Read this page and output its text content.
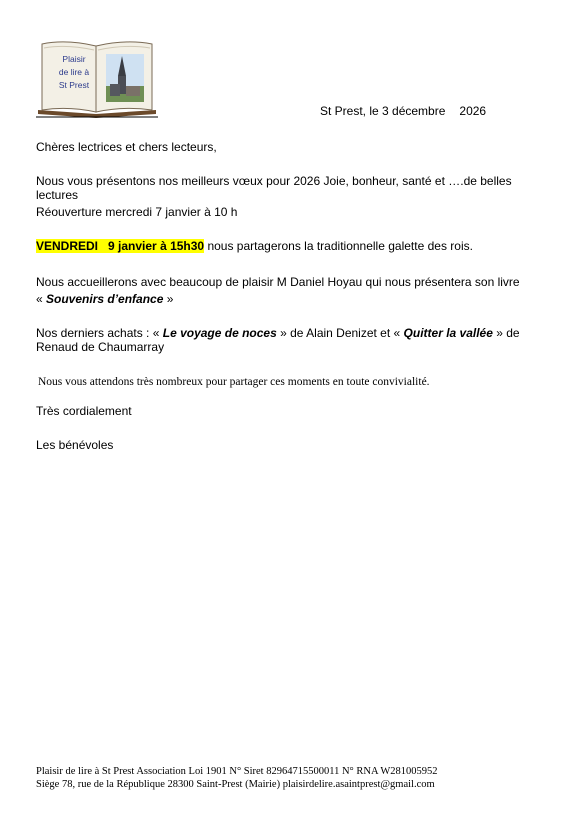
Plaisir
de lire à
St Prest
St Prest, le 3 décembre 2026
Chères lectrices et chers lecteurs,
Nous vous présentons nos meilleurs vœux pour 2026 Joie, bonheur, santé et ….de belles lectures
Réouverture mercredi 7 janvier à 10 h
VENDREDI 9 janvier à 15h30 nous partagerons la traditionnelle galette des rois.
Nous accueillerons avec beaucoup de plaisir M Daniel Hoyau qui nous présentera son livre
« Souvenirs d’enfance »
Nos derniers achats : « Le voyage de noces » de Alain Denizet et « Quitter la vallée » de
Renaud de Chaumarray
Nous vous attendons très nombreux pour partager ces moments en toute convivialité.
Très cordialement
Les bénévoles
Plaisir de lire à St Prest Association Loi 1901 N° Siret 82964715500011 N° RNA W281005952
Siège 78, rue de la République 28300 Saint-Prest (Mairie) plaisirdelire.asaintprest@gmail.com
